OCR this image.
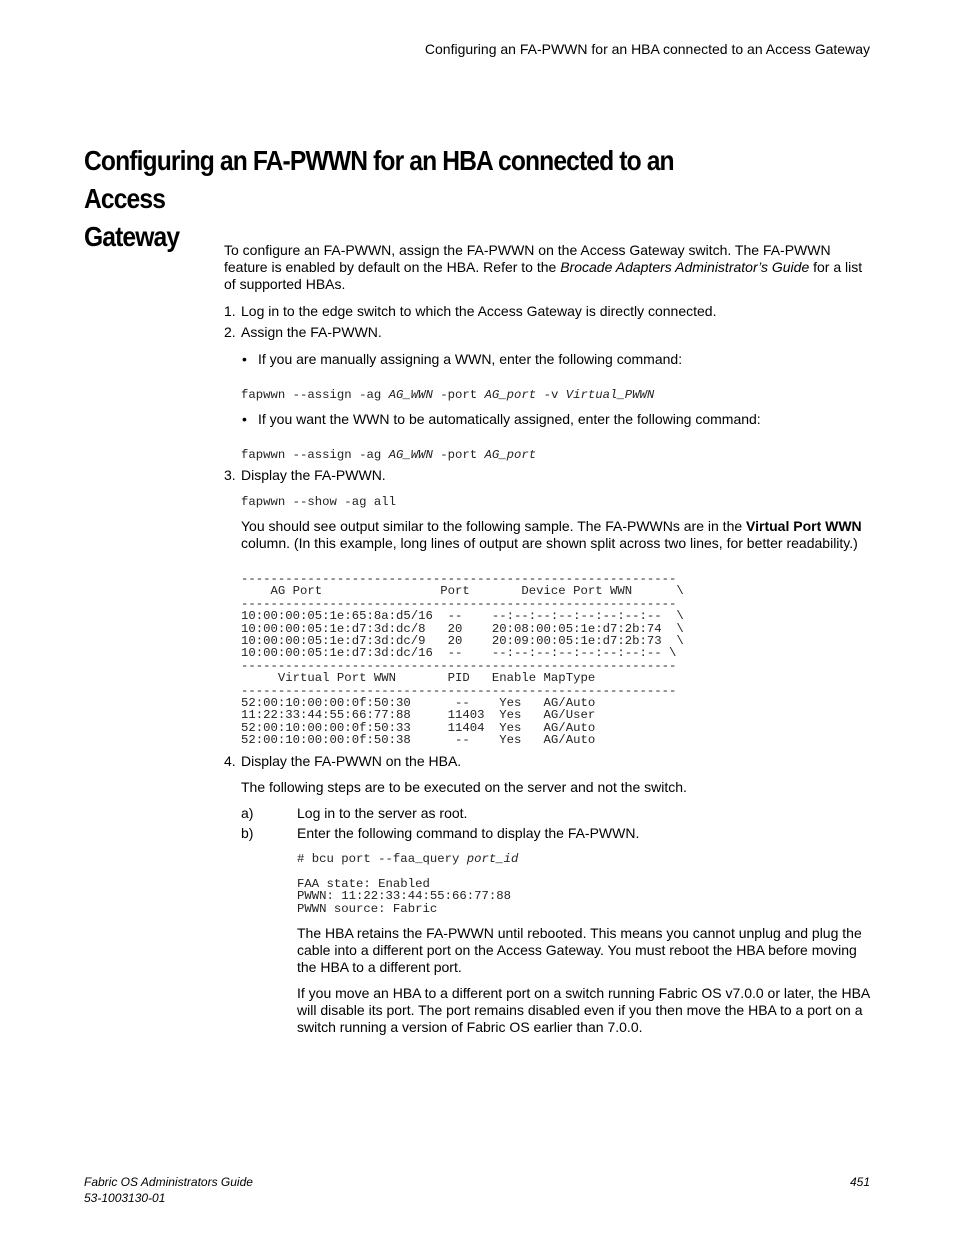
Configuring an FA-PWWN for an HBA connected to an Access Gateway
Configuring an FA-PWWN for an HBA connected to an Access
Gateway	To configure an FA-PWWN, assign the FA-PWWN on the Access Gateway switch. The FA-PWWN feature is enabled by default on the HBA. Refer to the Brocade Adapters Administrator’s Guide for a list of supported HBAs.
1. Log in to the edge switch to which the Access Gateway is directly connected.
2. Assign the FA-PWWN.
• If you are manually assigning a WWN, enter the following command:
fapwwn --assign -ag AG_WWN -port AG_port -v Virtual_PWWN
• If you want the WWN to be automatically assigned, enter the following command:
fapwwn --assign -ag AG_WWN -port AG_port
3. Display the FA-PWWN.
fapwwn --show -ag all
You should see output similar to the following sample. The FA-PWWNs are in the Virtual Port WWN column. (In this example, long lines of output are shown split across two lines, for better readability.)
-----------------------------------------------------------
AG Port                Port       Device Port WWN      \
-----------------------------------------------------------
10:00:00:05:1e:65:8a:d5/16  --    --:--:--:--:--:--:--:--  \
10:00:00:05:1e:d7:3d:dc/8   20    20:08:00:05:1e:d7:2b:74  \
10:00:00:05:1e:d7:3d:dc/9   20    20:09:00:05:1e:d7:2b:73  \
10:00:00:05:1e:d7:3d:dc/16  --    --:--:--:--:--:--:--:-- \
-----------------------------------------------------------
Virtual Port WWN       PID   Enable MapType
-----------------------------------------------------------
52:00:10:00:00:0f:50:30      --    Yes   AG/Auto
11:22:33:44:55:66:77:88     11403  Yes   AG/User
52:00:10:00:00:0f:50:33     11404  Yes   AG/Auto
52:00:10:00:00:0f:50:38      --    Yes   AG/Auto
4. Display the FA-PWWN on the HBA.
The following steps are to be executed on the server and not the switch.
a)	Log in to the server as root.
b)	Enter the following command to display the FA-PWWN.
# bcu port --faa_query port_id
FAA state: Enabled
PWWN: 11:22:33:44:55:66:77:88
PWWN source: Fabric
The HBA retains the FA-PWWN until rebooted. This means you cannot unplug and plug the cable into a different port on the Access Gateway. You must reboot the HBA before moving the HBA to a different port.
If you move an HBA to a different port on a switch running Fabric OS v7.0.0 or later, the HBA will disable its port. The port remains disabled even if you then move the HBA to a port on a switch running a version of Fabric OS earlier than 7.0.0.
Fabric OS Administrators Guide
53-1003130-01
451
